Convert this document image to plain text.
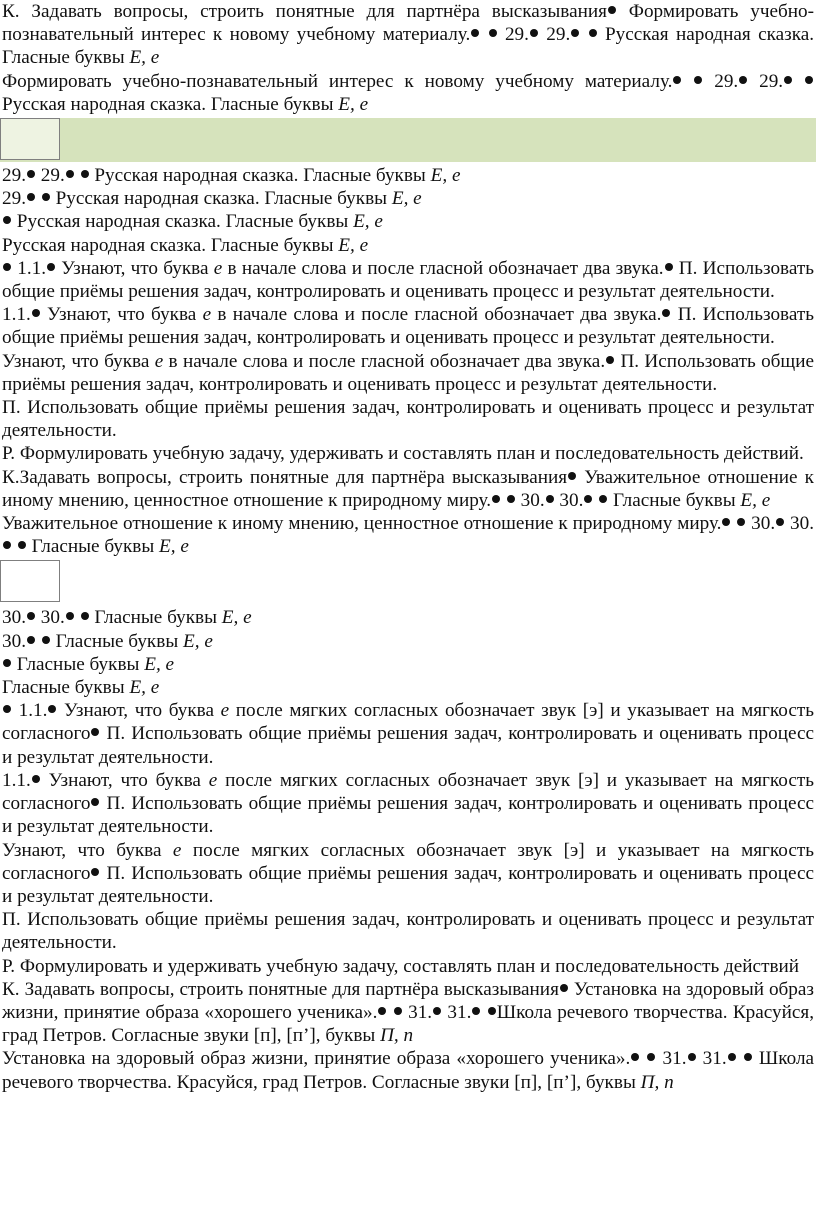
К. Задавать вопросы, строить понятные для партнёра высказывания Формировать учебно-познавательный интерес к новому учебному материалу.  29. 29.  Русская народная сказка. Гласные буквы Е, е

Формировать учебно-познавательный интерес к новому учебному материалу.  29. 29.  Русская народная сказка. Гласные буквы Е, е

29. 29.  Русская народная сказка. Гласные буквы Е, е

29.  Русская народная сказка. Гласные буквы Е, е

Русская народная сказка. Гласные буквы Е, е

Русская народная сказка. Гласные буквы Е, е

1.1. Узнают, что буква е в начале слова и после гласной обозначает два звука. П. Использовать общие приёмы решения задач, контролировать и оценивать процесс и результат деятельности.

1.1. Узнают, что буква е в начале слова и после гласной обозначает два звука. П. Использовать общие приёмы решения задач, контролировать и оценивать процесс и результат деятельности.

Узнают, что буква е в начале слова и после гласной обозначает два звука. П. Использовать общие приёмы решения задач, контролировать и оценивать процесс и результат деятельности.

П. Использовать общие приёмы решения задач, контролировать и оценивать процесс и результат деятельности.

Р. Формулировать учебную задачу, удерживать и составлять план и последовательность действий.

К.Задавать вопросы, строить понятные для партнёра высказывания Уважительное отношение к иному мнению, ценностное отношение к природному миру.  30. 30.  Гласные буквы Е, е

Уважительное отношение к иному мнению, ценностное отношение к природному миру.  30. 30.  Гласные буквы Е, е

30. 30.  Гласные буквы Е, е

30.  Гласные буквы Е, е

Гласные буквы Е, е

Гласные буквы Е, е

1.1. Узнают, что буква е после мягких согласных обозначает звук [э] и указывает на мягкость согласного П. Использовать общие приёмы решения задач, контролировать и оценивать процесс и результат деятельности.

1.1. Узнают, что буква е после мягких согласных обозначает звук [э] и указывает на мягкость согласного П. Использовать общие приёмы решения задач, контролировать и оценивать процесс и результат деятельности.

Узнают, что буква е после мягких согласных обозначает звук [э] и указывает на мягкость согласного П. Использовать общие приёмы решения задач, контролировать и оценивать процесс и результат деятельности.

П. Использовать общие приёмы решения задач, контролировать и оценивать процесс и результат деятельности.

Р. Формулировать и удерживать учебную задачу, составлять план и последовательность действий

К. Задавать вопросы, строить понятные для партнёра высказывания Установка на здоровый образ жизни, принятие образа «хорошего ученика».  31. 31. Школа речевого творчества. Красуйся, град Петров. Согласные звуки [п], [п’], буквы П, п

Установка на здоровый образ жизни, принятие образа «хорошего ученика».  31. 31.  Школа речевого творчества. Красуйся, град Петров. Согласные звуки [п], [п’], буквы П, п
